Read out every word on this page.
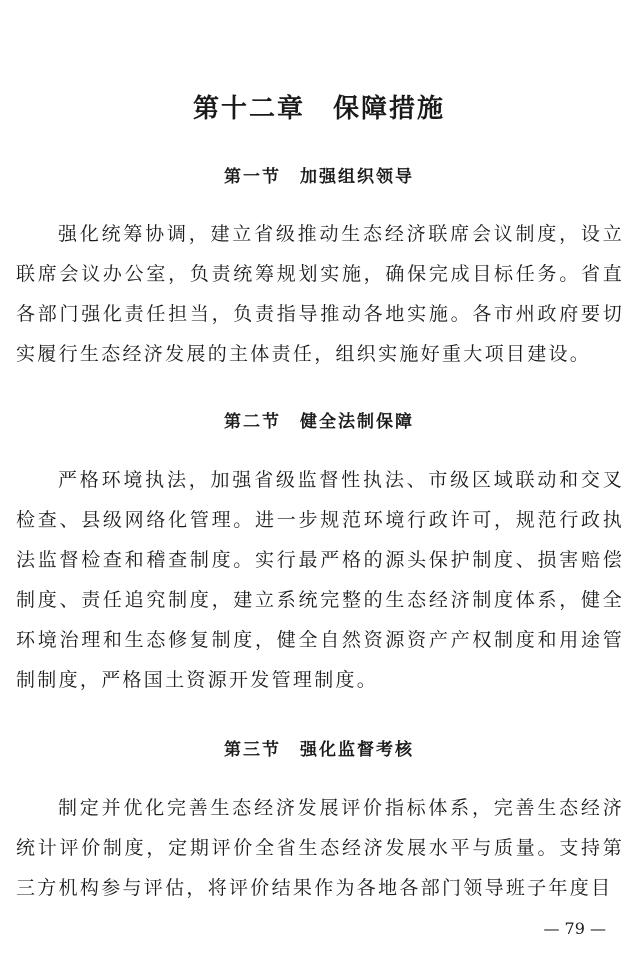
第十二章　保障措施
第一节　加强组织领导

强化统筹协调，建立省级推动生态经济联席会议制度，设立联席会议办公室，负责统筹规划实施，确保完成目标任务。省直各部门强化责任担当，负责指导推动各地实施。各市州政府要切实履行生态经济发展的主体责任，组织实施好重大项目建设。

第二节　健全法制保障

严格环境执法，加强省级监督性执法、市级区域联动和交叉检查、县级网络化管理。进一步规范环境行政许可，规范行政执法监督检查和稽查制度。实行最严格的源头保护制度、损害赔偿制度、责任追究制度，建立系统完整的生态经济制度体系，健全环境治理和生态修复制度，健全自然资源资产产权制度和用途管制制度，严格国土资源开发管理制度。

第三节　强化监督考核

制定并优化完善生态经济发展评价指标体系，完善生态经济统计评价制度，定期评价全省生态经济发展水平与质量。支持第三方机构参与评估，将评价结果作为各地各部门领导班子年度目

— 79 —
